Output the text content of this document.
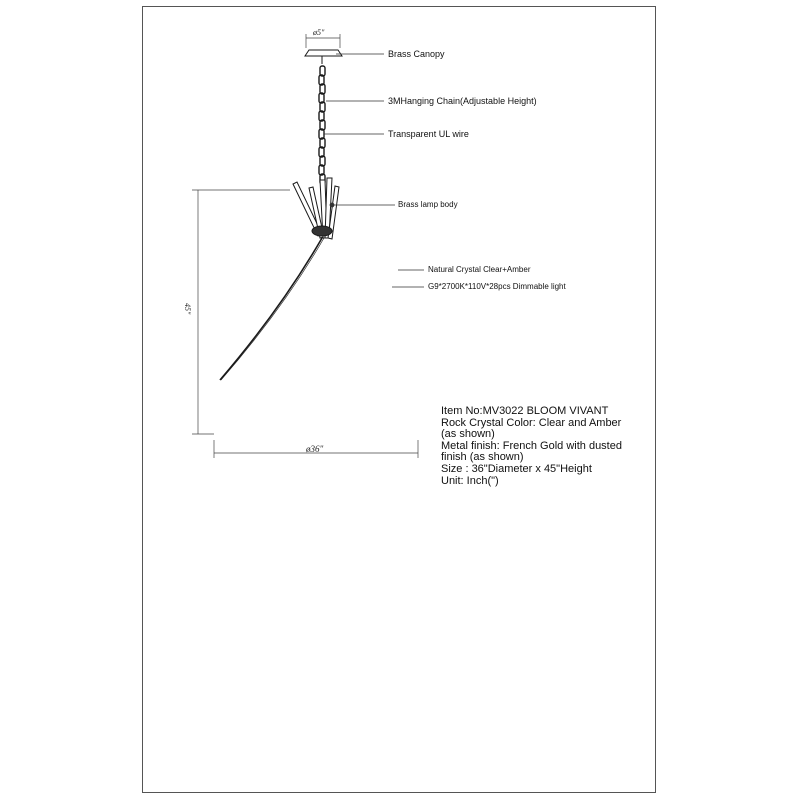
Brass Canopy
3MHanging Chain(Adjustable Height)
Transparent UL wire
Brass lamp body
Natural Crystal Clear+Amber
G9*2700K*110V*28pcs Dimmable light
ø5"
45"
ø36"
Item No:MV3022 BLOOM VIVANT
Rock Crystal Color: Clear and Amber
(as shown)
Metal finish: French Gold with dusted
finish (as shown)
Size : 36"Diameter x 45"Height
Unit: Inch(")
